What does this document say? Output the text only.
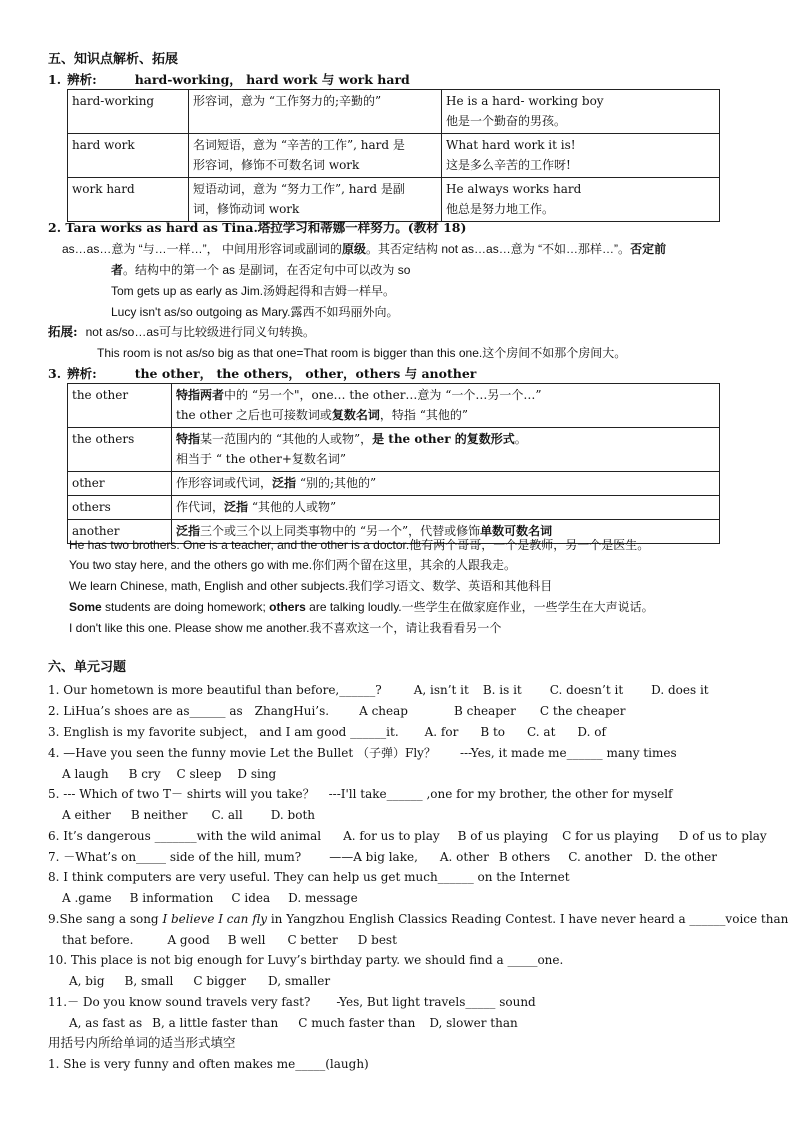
五、知识点解析、拓展
1. 辨析:	hard-working， hard work 与 work hard
hard-working	形容词，意为 “工作努力的;辛勤的”	He is a hard- working boy
他是一个勤奋的男孩。

hard work	名词短语，意为 “辛苦的工作”, hard 是
形容词，修饰不可数名词 work	What hard work it is!
这是多么辛苦的工作呀!

work hard	短语动词，意为 “努力工作”, hard 是副
词，修饰动词 work	He always works hard
他总是努力地工作。
2. Tara works as hard as Tina.塔拉学习和蒂娜一样努力。(教材 18)
as…as…意为 “与…一样…”， 中间用形容词或副词的原级。其否定结构 not as…as…意为 “不如…那样…”。否定前
者。结构中的第一个 as 是副词，在否定句中可以改为 so
Tom gets up as early as Jim.汤姆起得和吉姆一样早。
Lucy isn't as/so outgoing as Mary.露西不如玛丽外向。
拓展: not as/so…as可与比较级进行同义句转换。
This room is not as/so big as that one=That room is bigger than this one.这个房间不如那个房间大。
3. 辨析:	the other， the others， other，others 与 another
the other	特指两者中的 “另一个"，one… the other…意为 “一个…另一个…”
the other 之后也可接数词或复数名词，特指 “其他的”

the others	特指某一范围内的 “其他的人或物”，是 the other 的复数形式。
相当于 “ the other+复数名词”

other	作形容词或代词，泛指 “别的;其他的”
others	作代词，泛指 “其他的人或物”
another	泛指三个或三个以上同类事物中的 “另一个”，代替或修饰单数可数名词
He has two brothers. One is a teacher, and the other is a doctor.他有两个哥哥，一个是教师，另一个是医生。
You two stay here, and the others go with me.你们两个留在这里，其余的人跟我走。
We learn Chinese, math, English and other subjects.我们学习语文、数学、英语和其他科目
Some students are doing homework; others are talking loudly.一些学生在做家庭作业，一些学生在大声说话。
I don't like this one. Please show me another.我不喜欢这一个，请让我看看另一个
六、单元习题
1. Our hometown is more beautiful than before,______?	A, isn’t it B. is it C. doesn’t it D. does it
2. LiHua’s shoes are as______ as ZhangHui’s.	A cheap	B cheaper C the cheaper
3. English is my favorite subject， and I am good ______it. A. for B to C. at D. of
4. —Have you seen the funny movie Let the Bullet （子弹）Fly？ ---Yes, it made me______ many times
A laugh B cry C sleep D sing
5. --- Which of two T－ shirts will you take？ ---I'll take______ ,one for my brother, the other for myself
A either B neither C. all D. both
6. It’s dangerous _______with the wild animal A. for us to play B of us playing C for us playing D of us to play
7. －What’s on_____ side of the hill, mum? ——A big lake, A. other B others C. another D. the other
8. I think computers are very useful. They can help us get much______ on the Internet
A .game B information C idea D. message
9.She sang a song I believe I can fly in Yangzhou English Classics Reading Contest. I have never heard a ______voice than
that before.	A good B well C better D best
10. This place is not big enough for Luvy’s birthday party. we should find a _____one.
A, big B, small C bigger D, smaller
11.－ Do you know sound travels very fast? -Yes, But light travels_____ sound
A, as fast as B, a little faster than C much faster than D, slower than
用括号内所给单词的适当形式填空
1. She is very funny and often makes me_____(laugh)
